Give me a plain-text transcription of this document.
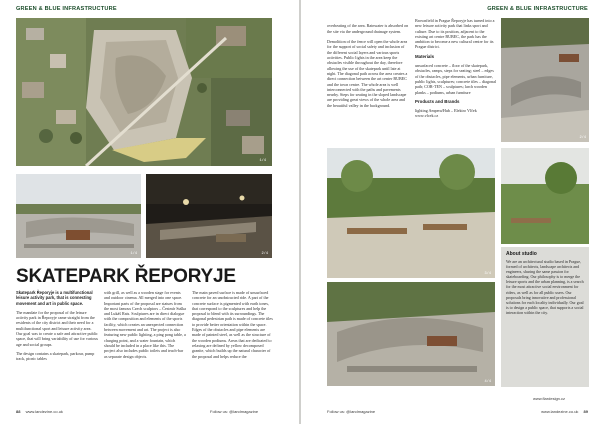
GREEN & BLUE INFRASTRUCTURE
1/4
1/4	2/4
SKATEPARK ŘEPORYJE

Skatepark Řeporyje is a multifunctional leisure activity park, that is connecting movement and art in public space.

The mandate for the proposal of the leisure activity park in Řeporyje came straight from the residents of the city district and their need for a multifunctional sport and leisure activity area. Our goal was to create a safe and attractive public space, that will bring variability of use for various age and social groups.

The design contains a skatepark, parkour, pump track, picnic tables

with grill, as well as a wooden stage for events and outdoor cinema. All merged into one space. Important parts of the proposal are statues from the most famous Czech sculptors – Čestmír Suška and Lukáš Rais. Sculptures are in direct dialogue with the composition and elements of the sports facility, which creates an unexpected connection between movement and art. The project is also featuring new public lighting, a ping pong table, a charging point, and a water fountain, which should be included in a place like this. The project also includes public toilets and teach-bar as separate design objects.

The main paved surface is made of unsurfaced concrete for an unobstructed ride. A part of the concrete surface is pigmented with earth tones, that correspond to the sculptures and help the proposal to blend with its surroundings. The diagonal pedestrian path is made of concrete tiles to provide better orientation within the space. Edges of the obstacles and pipe elements are made of painted steel, as well as the structure of the wooden podiums. Areas that are dedicated to relaxing are defined by yellow decomposed granite, which builds up the natural character of the proposal and helps reduce the

88 www.landezine.co.uk	Follow us: @landmagazine
GREEN & BLUE INFRASTRUCTURE

overheating of the area. Rainwater is absorbed on the site via the underground drainage system.

Demolition of the fence will open the whole area for the support of social safety and inclusion of the different social layers and various sports activities. Public lights in the area keep the obstacles visible throughout the day, therefore allowing the use of the skatepark until late at night. The diagonal path across the area creates a direct connection between the art center BUBEC and the town centre. The whole area is well interconnected with the paths and pavements nearby. Steps for seating in the sloped landscape are providing great views of the whole area and the beautiful valley in the background.

Brownfield in Prague Řeporyje has turned into a new leisure activity park that links sport and culture. Due to its position, adjacent to the existing art centre BUBEC, the park has the ambition to become a new cultural centre for its Prague district.

Materials

unsurfaced concrete – floor of the skatepark, obstacles, ramps, steps for seating; steel – edges of the obstacles, pipe elements, urban furniture, public lights, sculptures; concrete tiles – diagonal path; COR-TEN – sculptures; larch wooden planks – podiums, urban furniture

Products and Brands

lighting Ampera/Hub – Elektro Vlček www.vlcek.cz

2/4
3/4
4/4
About studio
We are an architectural studio based in Prague, formed of architects, landscape architects and engineers, sharing the same passion for skateboarding. Our philosophy is to merge the leisure sports and the urban planning, is a search for the most attractive social environment for riders, as well as for all public users. Our proposals bring innovative and professional solutions for each locality individually. Our goal is to design a public space, that supports a social interaction within the city.
Follow us: @landmagazine	www.landezine.co.uk 89
www.flardesign.cz
